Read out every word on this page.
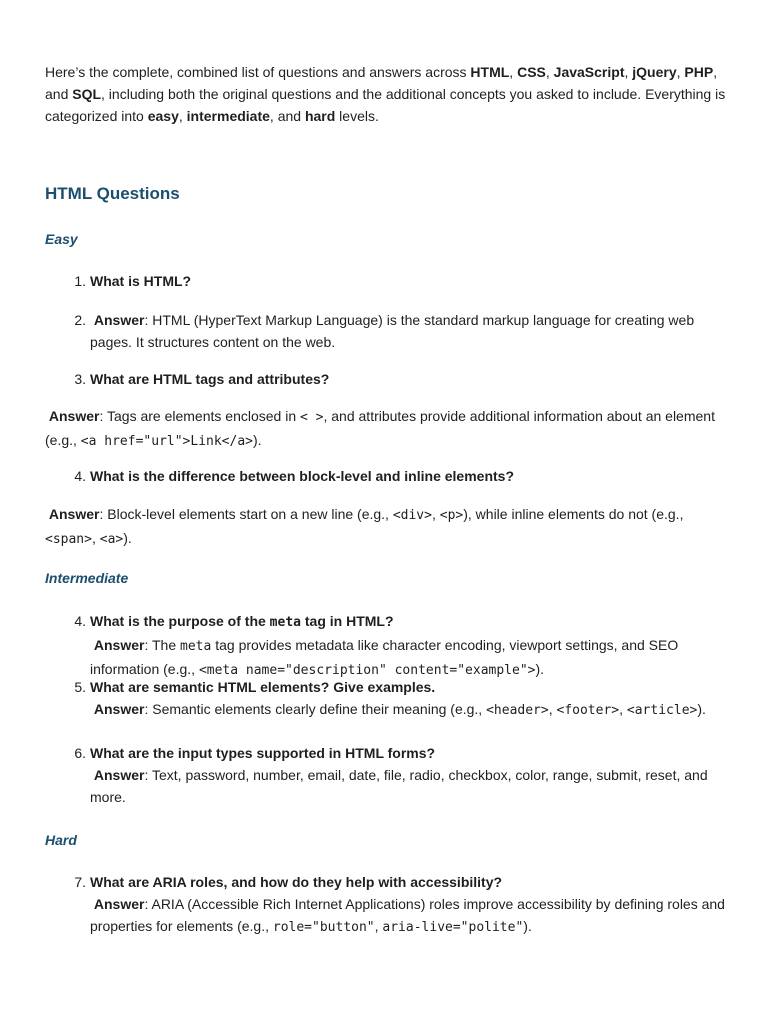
Here’s the complete, combined list of questions and answers across HTML, CSS, JavaScript, jQuery, PHP, and SQL, including both the original questions and the additional concepts you asked to include. Everything is categorized into easy, intermediate, and hard levels.
HTML Questions
Easy
1. What is HTML?
2. Answer: HTML (HyperText Markup Language) is the standard markup language for creating web pages. It structures content on the web.
3. What are HTML tags and attributes?
Answer: Tags are elements enclosed in < >, and attributes provide additional information about an element (e.g., <a href="url">Link</a>).
4. What is the difference between block-level and inline elements?
Answer: Block-level elements start on a new line (e.g., <div>, <p>), while inline elements do not (e.g., <span>, <a>).
Intermediate
4. What is the purpose of the meta tag in HTML?
Answer: The meta tag provides metadata like character encoding, viewport settings, and SEO information (e.g., <meta name="description" content="example">).
5. What are semantic HTML elements? Give examples.
Answer: Semantic elements clearly define their meaning (e.g., <header>, <footer>, <article>).
6. What are the input types supported in HTML forms?
Answer: Text, password, number, email, date, file, radio, checkbox, color, range, submit, reset, and more.
Hard
7. What are ARIA roles, and how do they help with accessibility?
Answer: ARIA (Accessible Rich Internet Applications) roles improve accessibility by defining roles and properties for elements (e.g., role="button", aria-live="polite").
